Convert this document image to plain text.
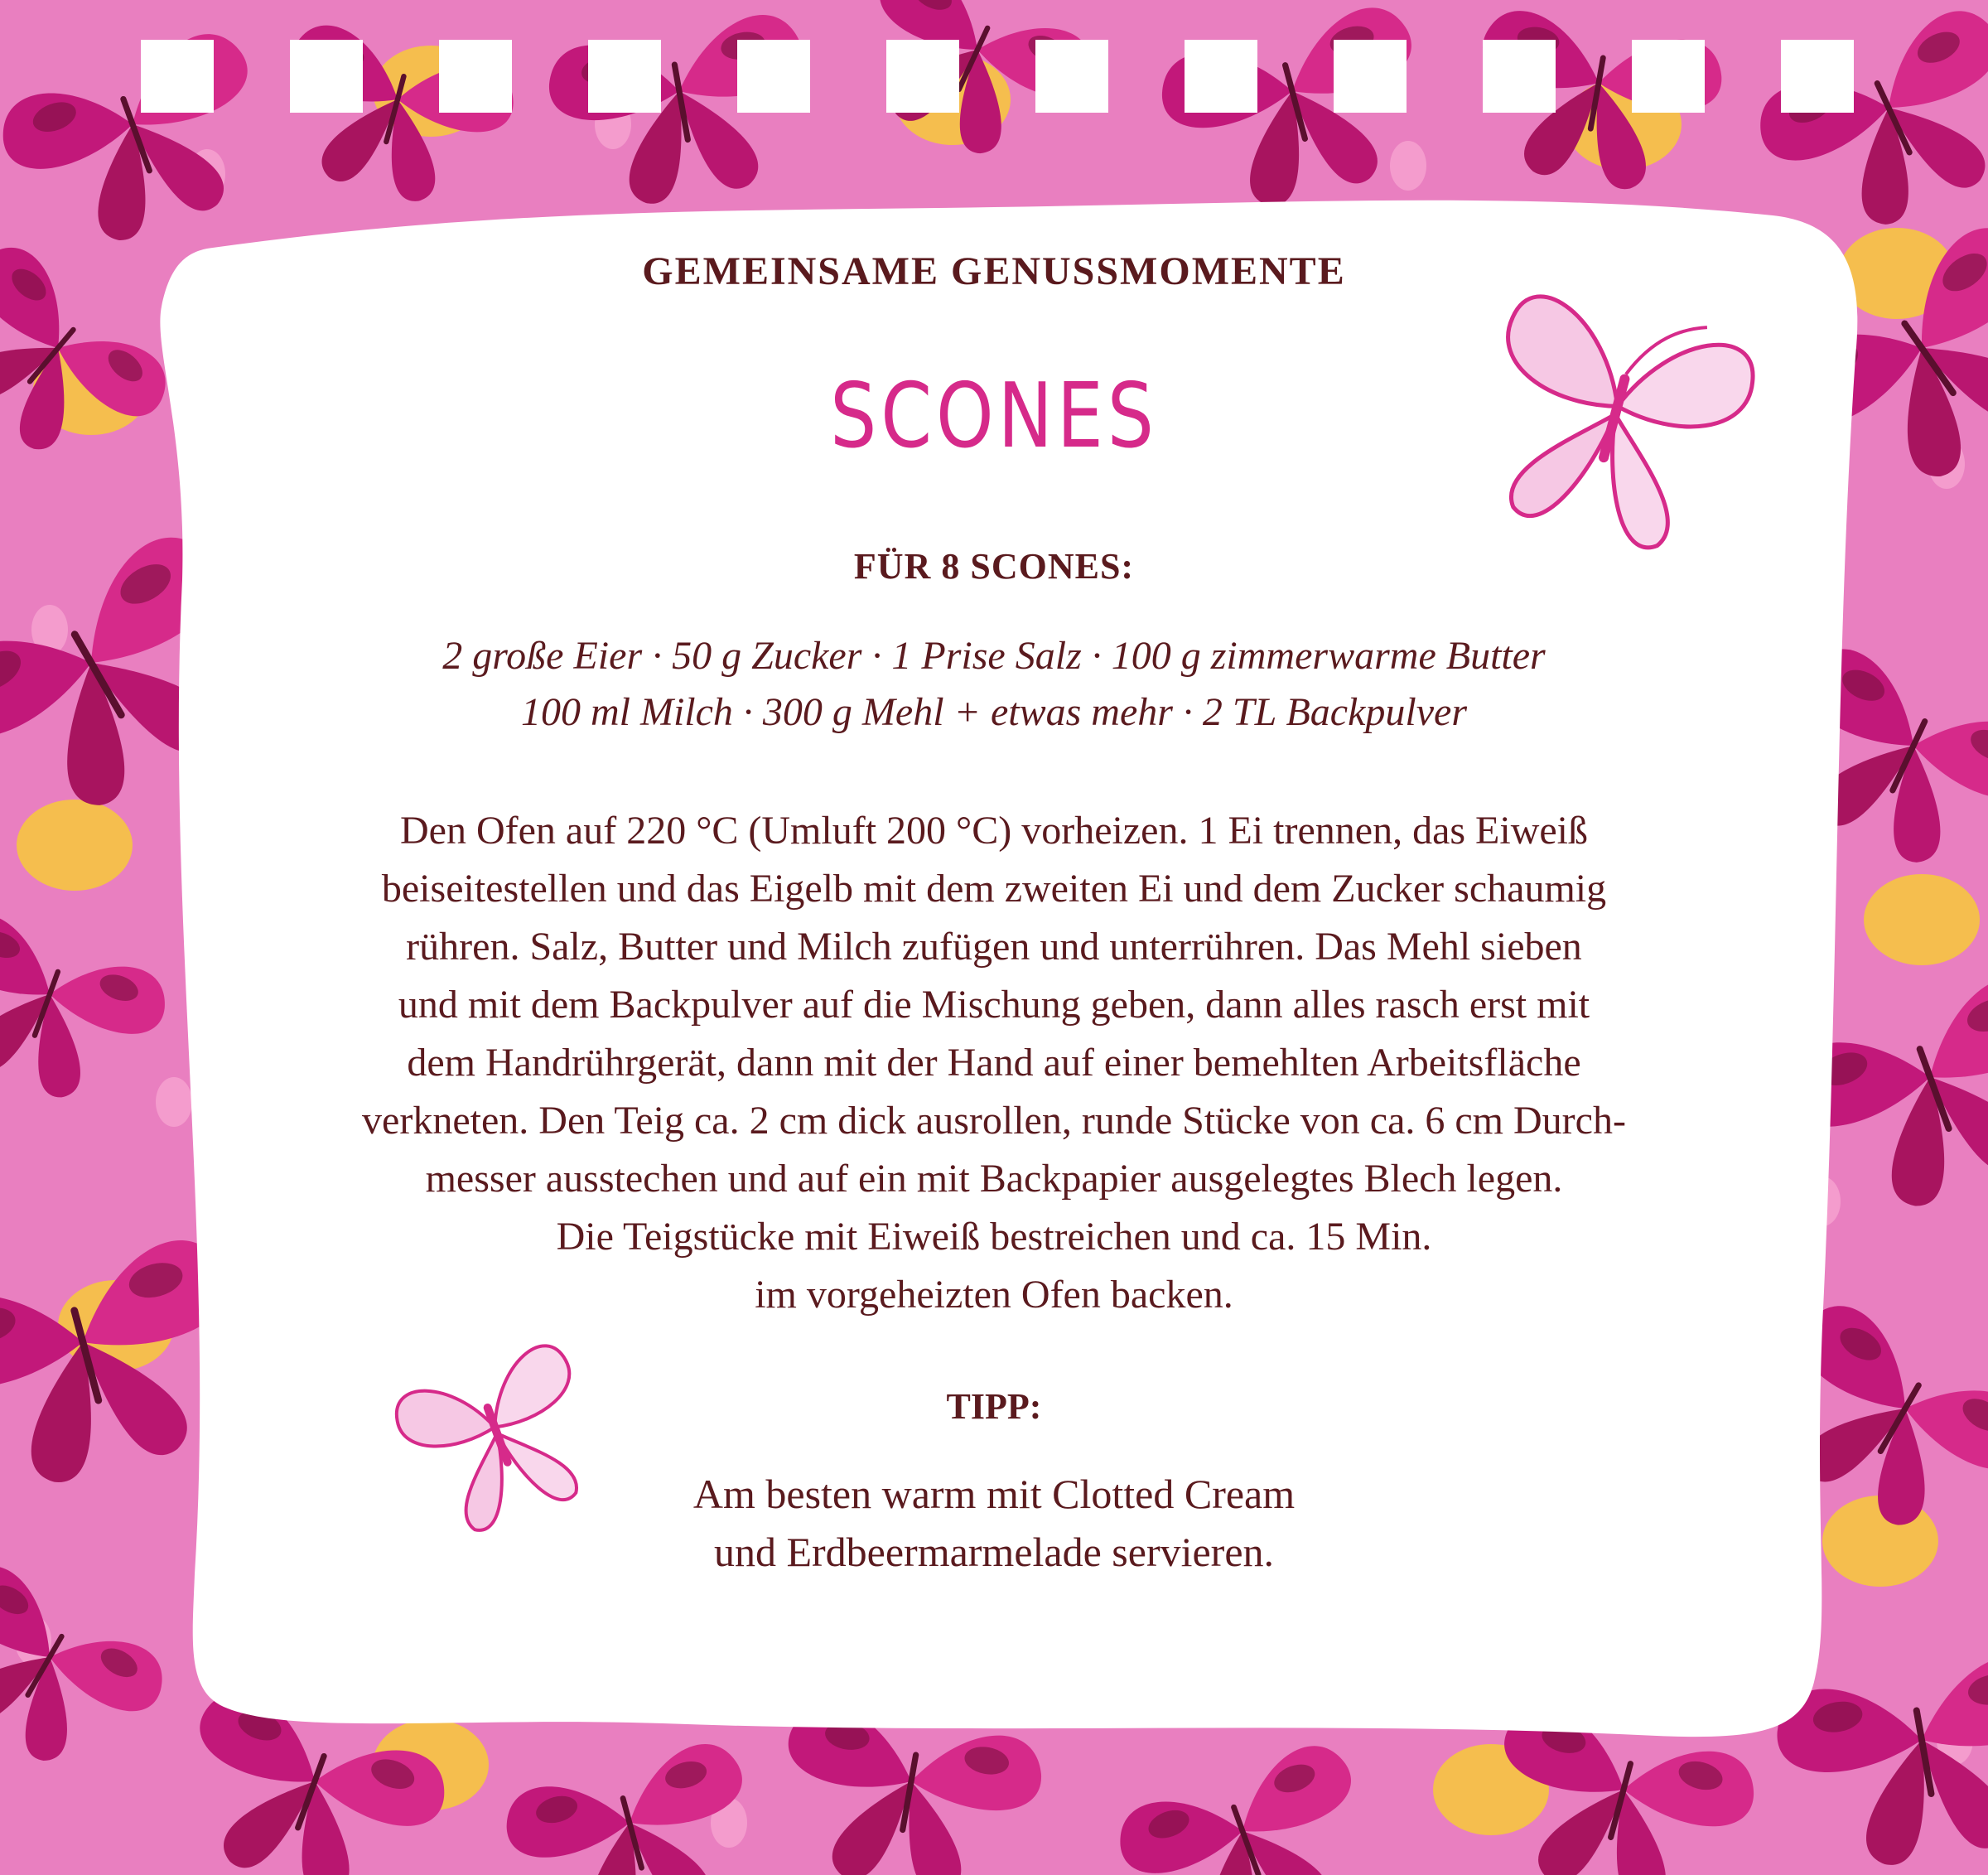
GEMEINSAME GENUSSMOMENTE
SCONES
FÜR 8 SCONES:
2 große Eier · 50 g Zucker · 1 Prise Salz · 100 g zimmerwarme Butter
100 ml Milch · 300 g Mehl + etwas mehr · 2 TL Backpulver
Den Ofen auf 220 °C (Umluft 200 °C) vorheizen. 1 Ei trennen, das Eiweiß
beiseitestellen und das Eigelb mit dem zweiten Ei und dem Zucker schaumig
rühren. Salz, Butter und Milch zufügen und unterrühren. Das Mehl sieben
und mit dem Backpulver auf die Mischung geben, dann alles rasch erst mit
dem Handrührgerät, dann mit der Hand auf einer bemehlten Arbeitsfläche
verkneten. Den Teig ca. 2 cm dick ausrollen, runde Stücke von ca. 6 cm Durch-
messer ausstechen und auf ein mit Backpapier ausgelegtes Blech legen.
Die Teigstücke mit Eiweiß bestreichen und ca. 15 Min.
im vorgeheizten Ofen backen.
TIPP:
Am besten warm mit Clotted Cream
und Erdbeermarmelade servieren.
